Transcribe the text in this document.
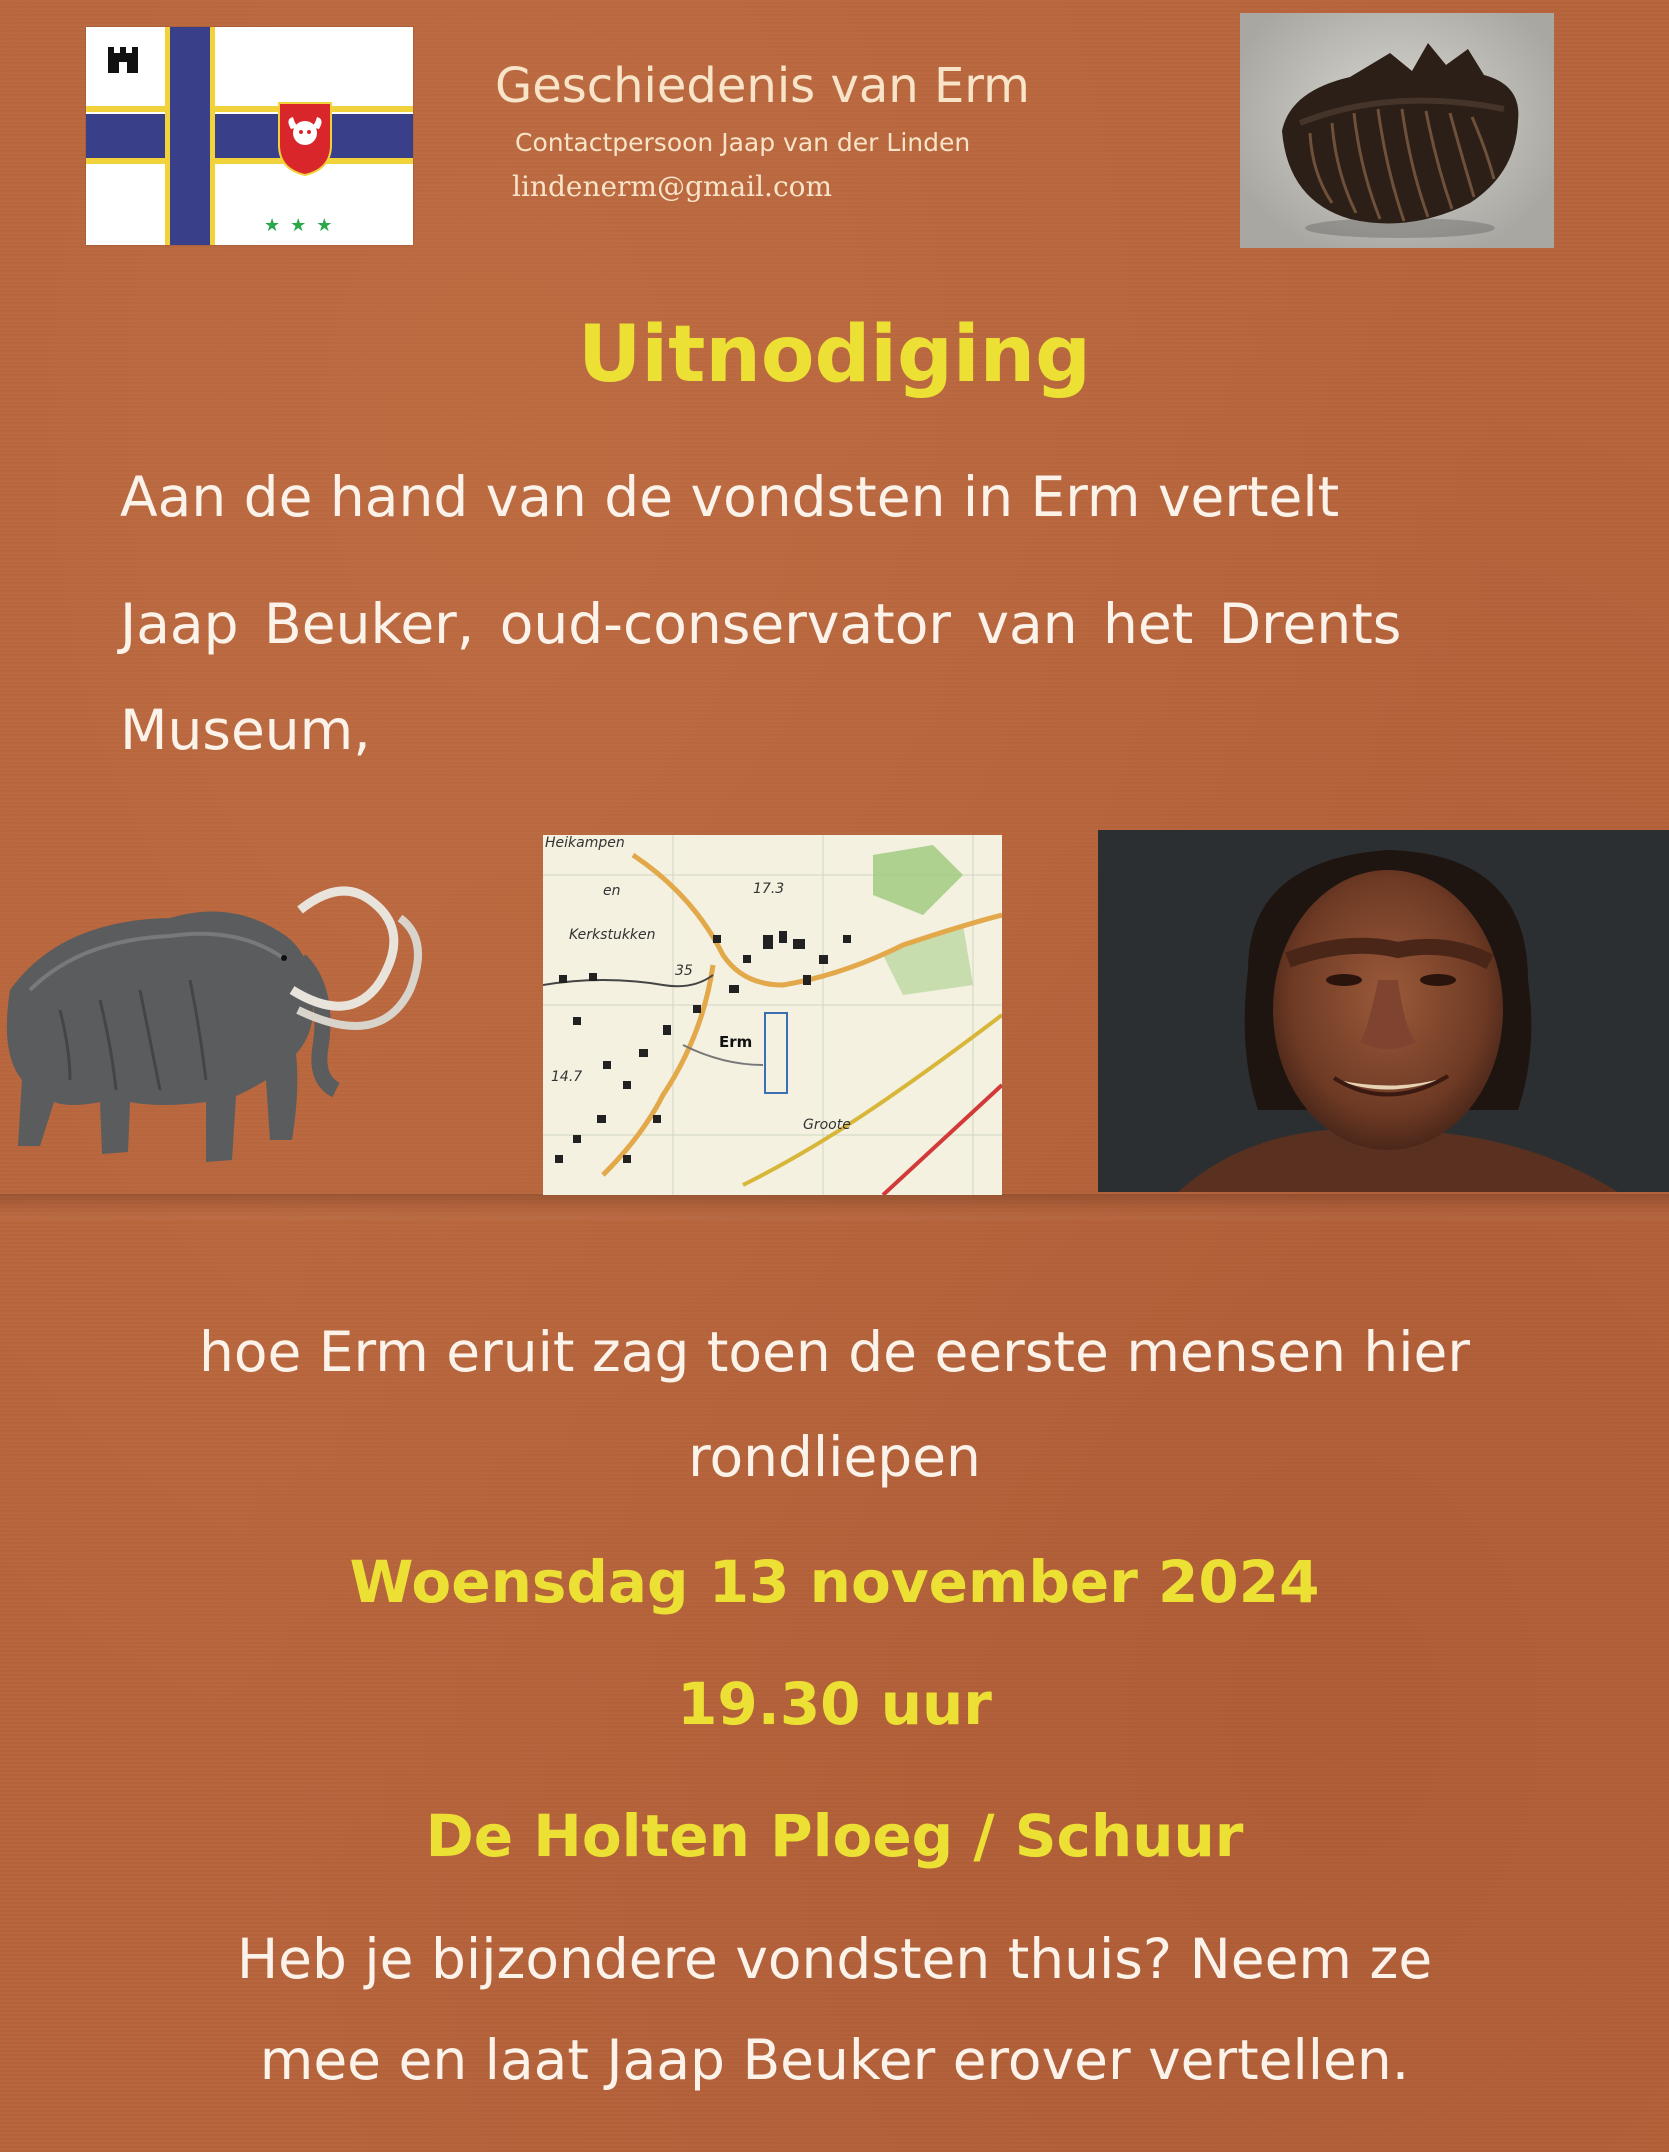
★★★
Geschiedenis van Erm
Contactpersoon Jaap van der Linden
lindenerm@gmail.com
Uitnodiging
Aan de hand van de vondsten in Erm vertelt
Jaap Beuker, oud-conservator van het Drents
Museum,
Heikampen
en	17.3
Kerkstukken
35
Erm
14.7
Groote
hoe Erm eruit zag toen de eerste mensen hier
rondliepen
Woensdag 13 november 2024
19.30 uur
De Holten Ploeg / Schuur
Heb je bijzondere vondsten thuis? Neem ze
mee en laat Jaap Beuker erover vertellen.
